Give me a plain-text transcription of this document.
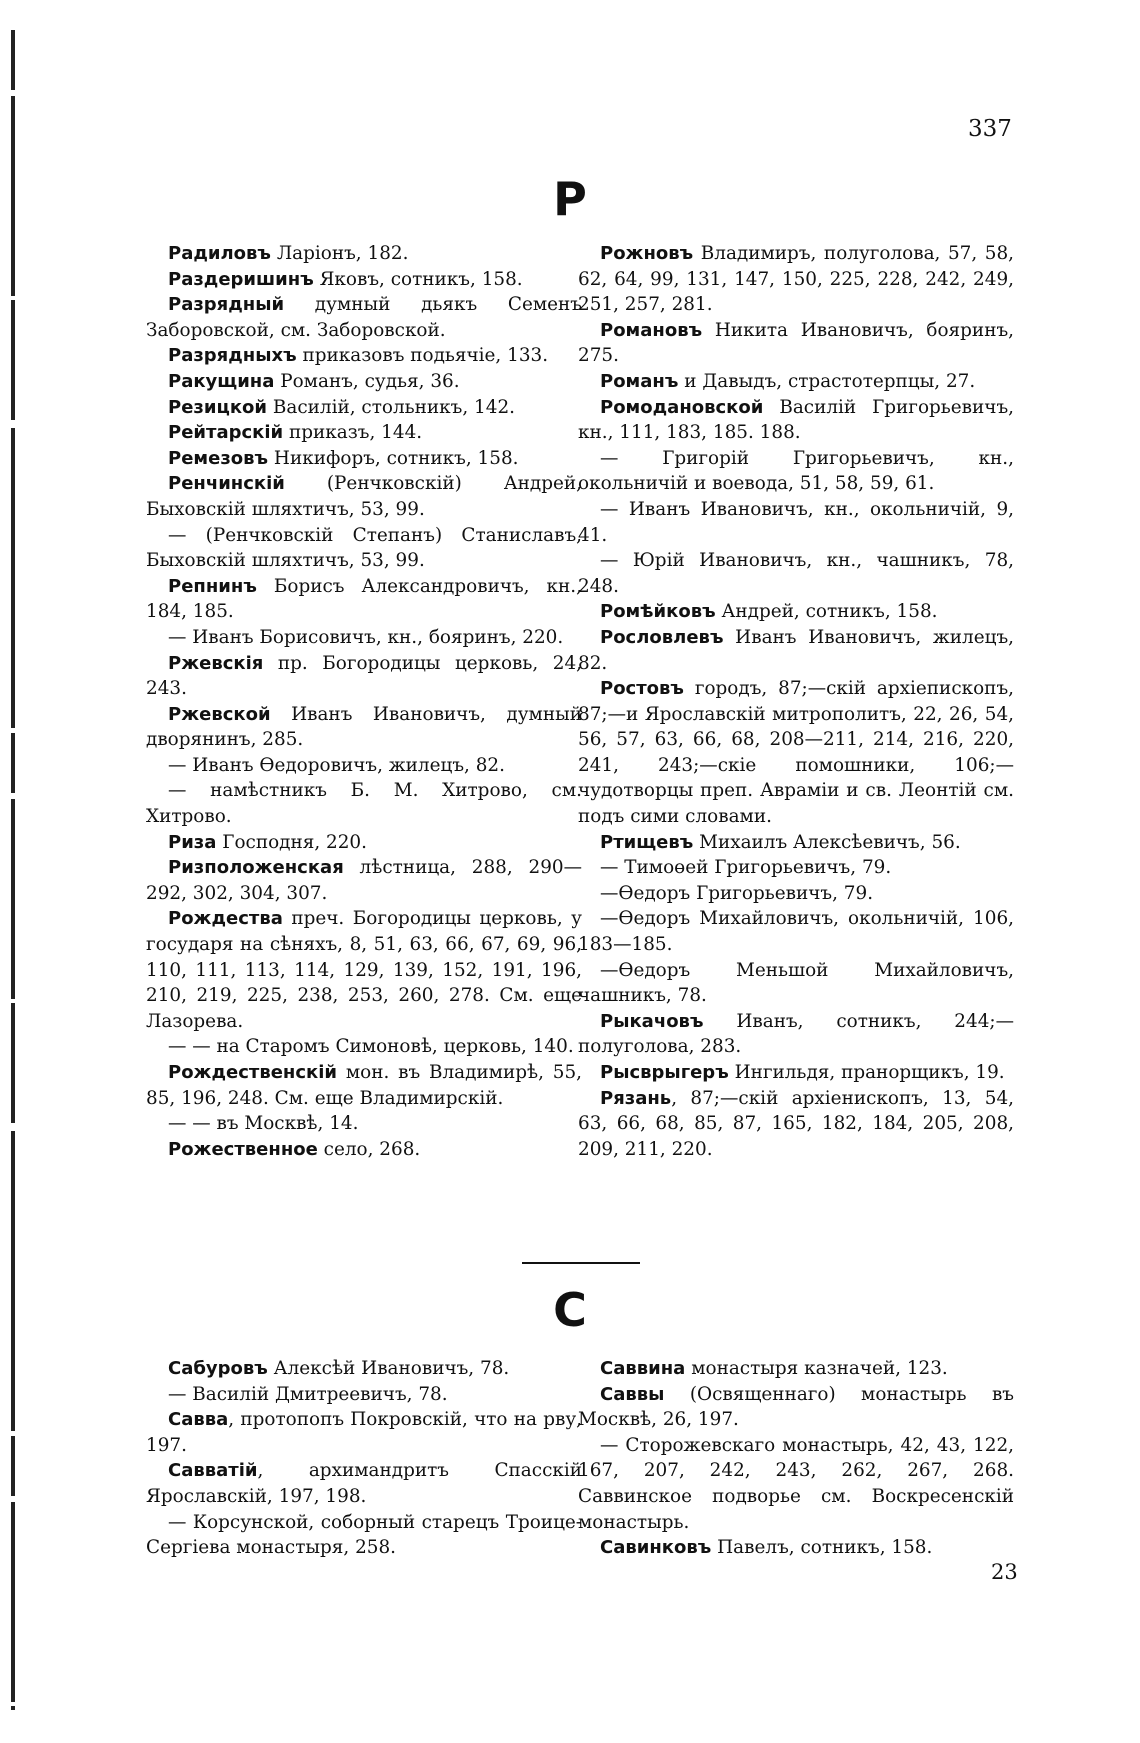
337
Р
Радиловъ Ларіонъ, 182.
Раздеришинъ Яковъ, сотникъ, 158.
Разрядный думный дьякъ Семенъ Заборовской, см. Заборовской.
Разрядныхъ приказовъ подьячіе, 133.
Ракущина Романъ, судья, 36.
Резицкой Василій, стольникъ, 142.
Рейтарскій приказъ, 144.
Ремезовъ Никифоръ, сотникъ, 158.
Ренчинскій (Ренчковскій) Андрей, Быховскій шляхтичъ, 53, 99.
— (Ренчковскій Степанъ) Станиславъ, Быховскій шляхтичъ, 53, 99.
Репнинъ Борисъ Александровичъ, кн., 184, 185.
— Иванъ Борисовичъ, кн., бояринъ, 220.
Ржевскія пр. Богородицы церковь, 24, 243.
Ржевской Иванъ Ивановичъ, думный дворянинъ, 285.
— Иванъ Өедоровичъ, жилецъ, 82.
— намѣстникъ Б. М. Хитрово, см. Хитрово.
Риза Господня, 220.
Ризположенская лѣстница, 288, 290—292, 302, 304, 307.
Рождества преч. Богородицы церковь, у государя на сѣняхъ, 8, 51, 63, 66, 67, 69, 96, 110, 111, 113, 114, 129, 139, 152, 191, 196, 210, 219, 225, 238, 253, 260, 278. См. еще Лазорева.
— — на Старомъ Симоновѣ, церковь, 140.
Рождественскій мон. въ Владимирѣ, 55, 85, 196, 248. См. еще Владимирскій.
— — въ Москвѣ, 14.
Рожественное село, 268.
Рожновъ Владимиръ, полуголова, 57, 58, 62, 64, 99, 131, 147, 150, 225, 228, 242, 249, 251, 257, 281.
Романовъ Никита Ивановичъ, бояринъ, 275.
Романъ и Давыдъ, страстотерпцы, 27.
Ромодановской Василій Григорьевичъ, кн., 111, 183, 185. 188.
— Григорій Григорьевичъ, кн., окольничій и воевода, 51, 58, 59, 61.
— Иванъ Ивановичъ, кн., окольничій, 9, 41.
— Юрій Ивановичъ, кн., чашникъ, 78, 248.
Ромѣйковъ Андрей, сотникъ, 158.
Рословлевъ Иванъ Ивановичъ, жилецъ, 82.
Ростовъ городъ, 87;—скій архіепископъ, 87;—и Ярославскій митрополитъ, 22, 26, 54, 56, 57, 63, 66, 68, 208—211, 214, 216, 220, 241, 243;—скіе помошники, 106;—чудотворцы преп. Авраміи и св. Леонтій см. подъ сими словами.
Ртищевъ Михаилъ Алексѣевичъ, 56.
— Тимоөей Григорьевичъ, 79.
—Өедоръ Григорьевичъ, 79.
—Өедоръ Михайловичъ, окольничій, 106, 183—185.
—Өедоръ Меньшой Михайловичъ, чашникъ, 78.
Рыкачовъ Иванъ, сотникъ, 244;—полуголова, 283.
Рысврыгеръ Ингильдя, пранорщикъ, 19.
Рязань, 87;—скій архіенископъ, 13, 54, 63, 66, 68, 85, 87, 165, 182, 184, 205, 208, 209, 211, 220.
С
Сабуровъ Алексѣй Ивановичъ, 78.
— Василій Дмитреевичъ, 78.
Савва, протопопъ Покровскій, что на рву, 197.
Савватій, архимандритъ Спасскій Ярославскій, 197, 198.
— Корсунской, соборный старецъ Троице-Сергіева монастыря, 258.
Саввина монастыря казначей, 123.
Саввы (Освященнаго) монастырь въ Москвѣ, 26, 197.
— Сторожевскаго монастырь, 42, 43, 122, 167, 207, 242, 243, 262, 267, 268. Саввинское подворье см. Воскресенскій монастырь.
Савинковъ Павелъ, сотникъ, 158.
23
